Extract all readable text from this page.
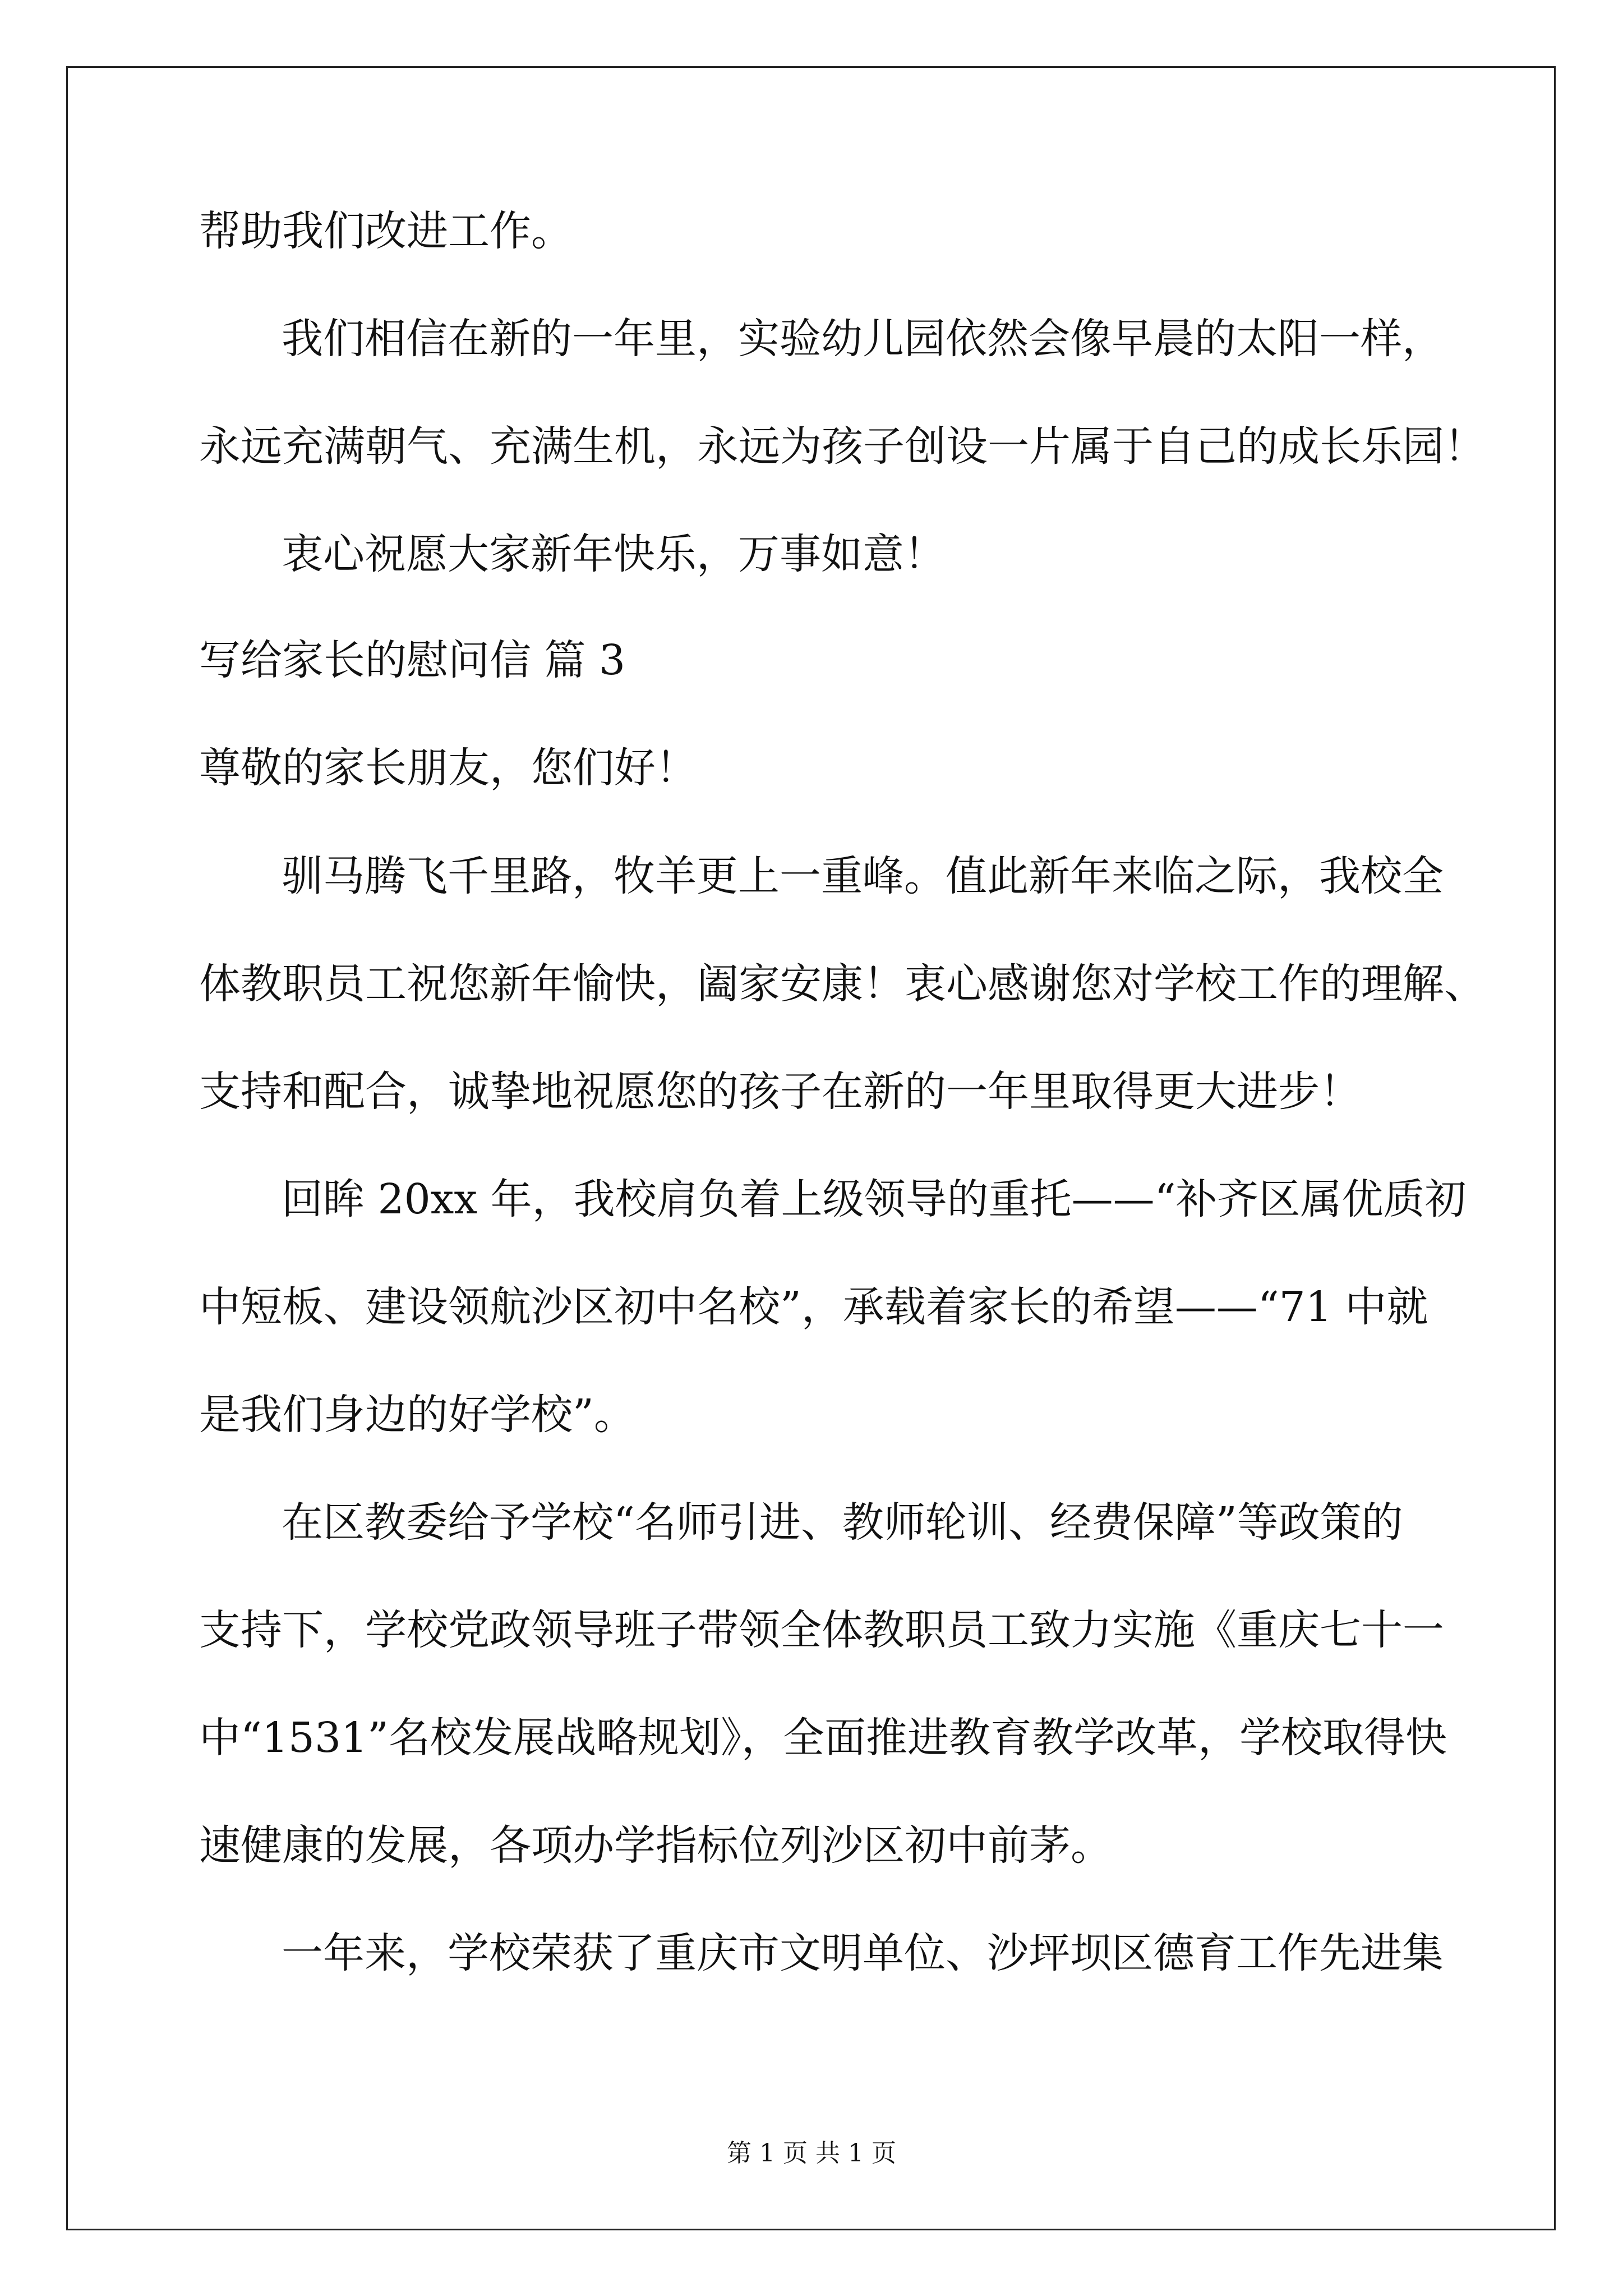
帮助我们改进工作。
我们相信在新的一年里，实验幼儿园依然会像早晨的太阳一样，
永远充满朝气、充满生机，永远为孩子创设一片属于自己的成长乐园！
衷心祝愿大家新年快乐，万事如意！
写给家长的慰问信 篇 3
尊敬的家长朋友，您们好！
驯马腾飞千里路，牧羊更上一重峰。值此新年来临之际，我校全
体教职员工祝您新年愉快，阖家安康！衷心感谢您对学校工作的理解、
支持和配合，诚挚地祝愿您的孩子在新的一年里取得更大进步！
回眸 20xx 年，我校肩负着上级领导的重托——“补齐区属优质初
中短板、建设领航沙区初中名校”，承载着家长的希望——“71 中就
是我们身边的好学校”。
在区教委给予学校“名师引进、教师轮训、经费保障”等政策的
支持下，学校党政领导班子带领全体教职员工致力实施《重庆七十一
中“1531”名校发展战略规划》，全面推进教育教学改革，学校取得快
速健康的发展，各项办学指标位列沙区初中前茅。
一年来，学校荣获了重庆市文明单位、沙坪坝区德育工作先进集
第 1 页 共 1 页
